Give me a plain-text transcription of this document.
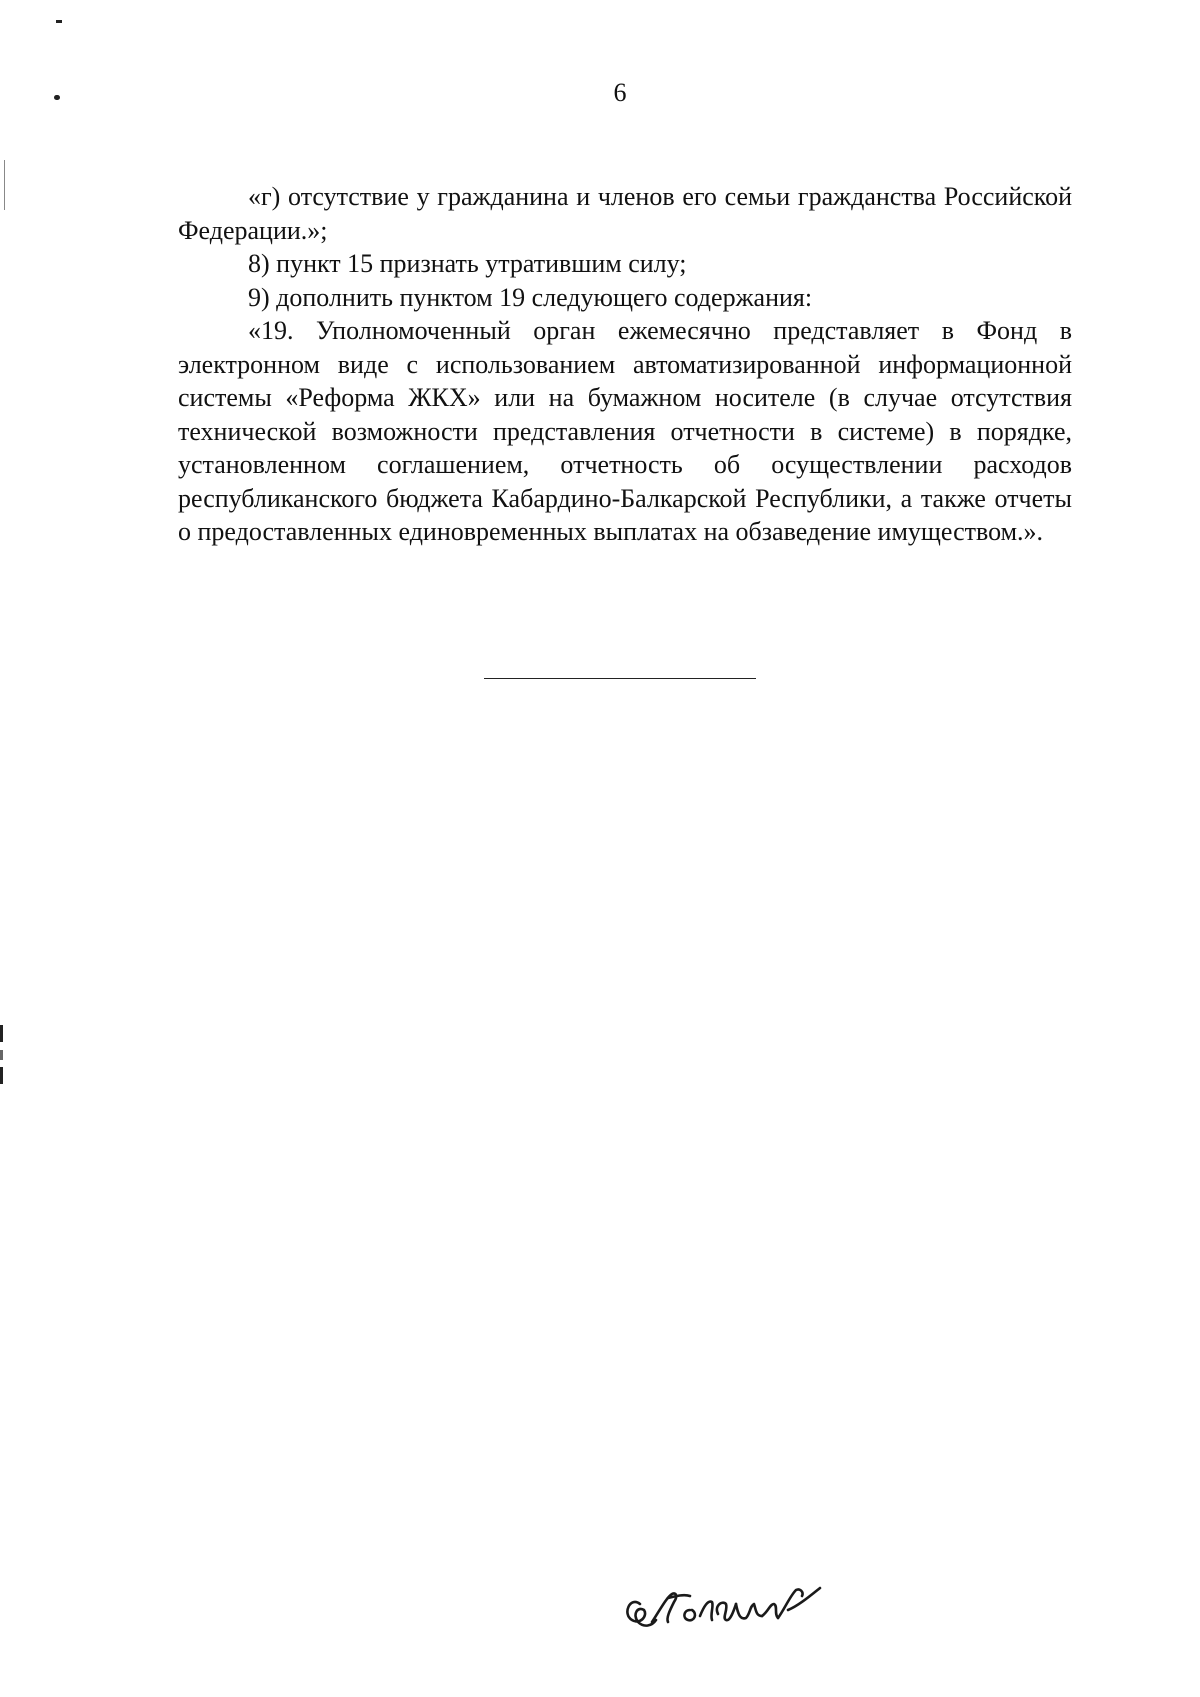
6

«г) отсутствие у гражданина и членов его семьи гражданства Российской Федерации.»;

8) пункт 15 признать утратившим силу;

9) дополнить пунктом 19 следующего содержания:

«19. Уполномоченный орган ежемесячно представляет в Фонд в электронном виде с использованием автоматизированной информационной системы «Реформа ЖКХ» или на бумажном носителе (в случае отсутствия технической возможности представления отчетности в системе) в порядке, установленном соглашением, отчетность об осуществлении расходов республиканского бюджета Кабардино-Балкарской Республики, а также отчеты о предоставленных единовременных выплатах на обзаведение имуществом.».
